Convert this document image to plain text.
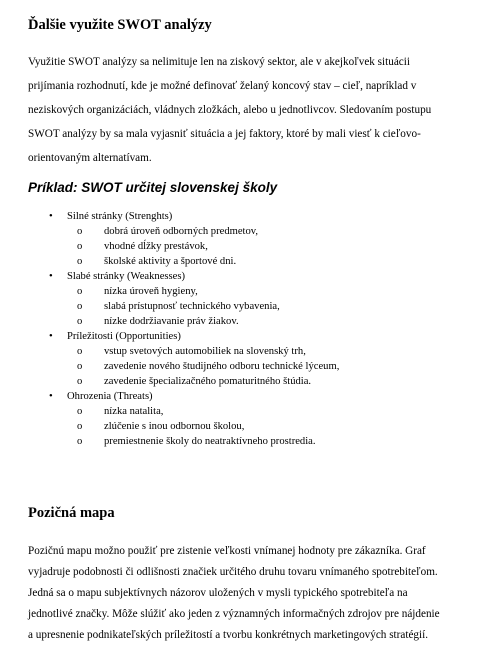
Ďalšie využite SWOT analýzy
Využitie SWOT analýzy sa nelimituje len na ziskový sektor, ale v akejkoľvek situácii
prijímania rozhodnutí, kde je možné definovať želaný koncový stav – cieľ, napríklad v
neziskových organizáciách, vládnych zložkách, alebo u jednotlivcov. Sledovaním postupu
SWOT analýzy by sa mala vyjasniť situácia a jej faktory, ktoré by mali viesť k cieľovo-
orientovaným alternatívam.
Príklad: SWOT určitej slovenskej školy
• Silné stránky (Strenghts)
o dobrá úroveň odborných predmetov,
o vhodné dĺžky prestávok,
o školské aktivity a športové dni.
• Slabé stránky (Weaknesses)
o nízka úroveň hygieny,
o slabá prístupnosť technického vybavenia,
o nízke dodržiavanie práv žiakov.
• Príležitosti (Opportunities)
o vstup svetových automobiliek na slovenský trh,
o zavedenie nového študijného odboru technické lýceum,
o zavedenie špecializačného pomaturitného štúdia.
• Ohrozenia (Threats)
o nízka natalita,
o zlúčenie s inou odbornou školou,
o premiestnenie školy do neatraktívneho prostredia.
Pozičná mapa
Pozičnú mapu možno použiť pre zistenie veľkosti vnímanej hodnoty pre zákazníka. Graf
vyjadruje podobnosti či odlišnosti značiek určitého druhu tovaru vnímaného spotrebiteľom.
Jedná sa o mapu subjektívnych názorov uložených v mysli typického spotrebiteľa na
jednotlivé značky. Môže slúžiť ako jeden z významných informačných zdrojov pre nájdenie
a upresnenie podnikateľských príležitostí a tvorbu konkrétnych marketingových stratégií.
